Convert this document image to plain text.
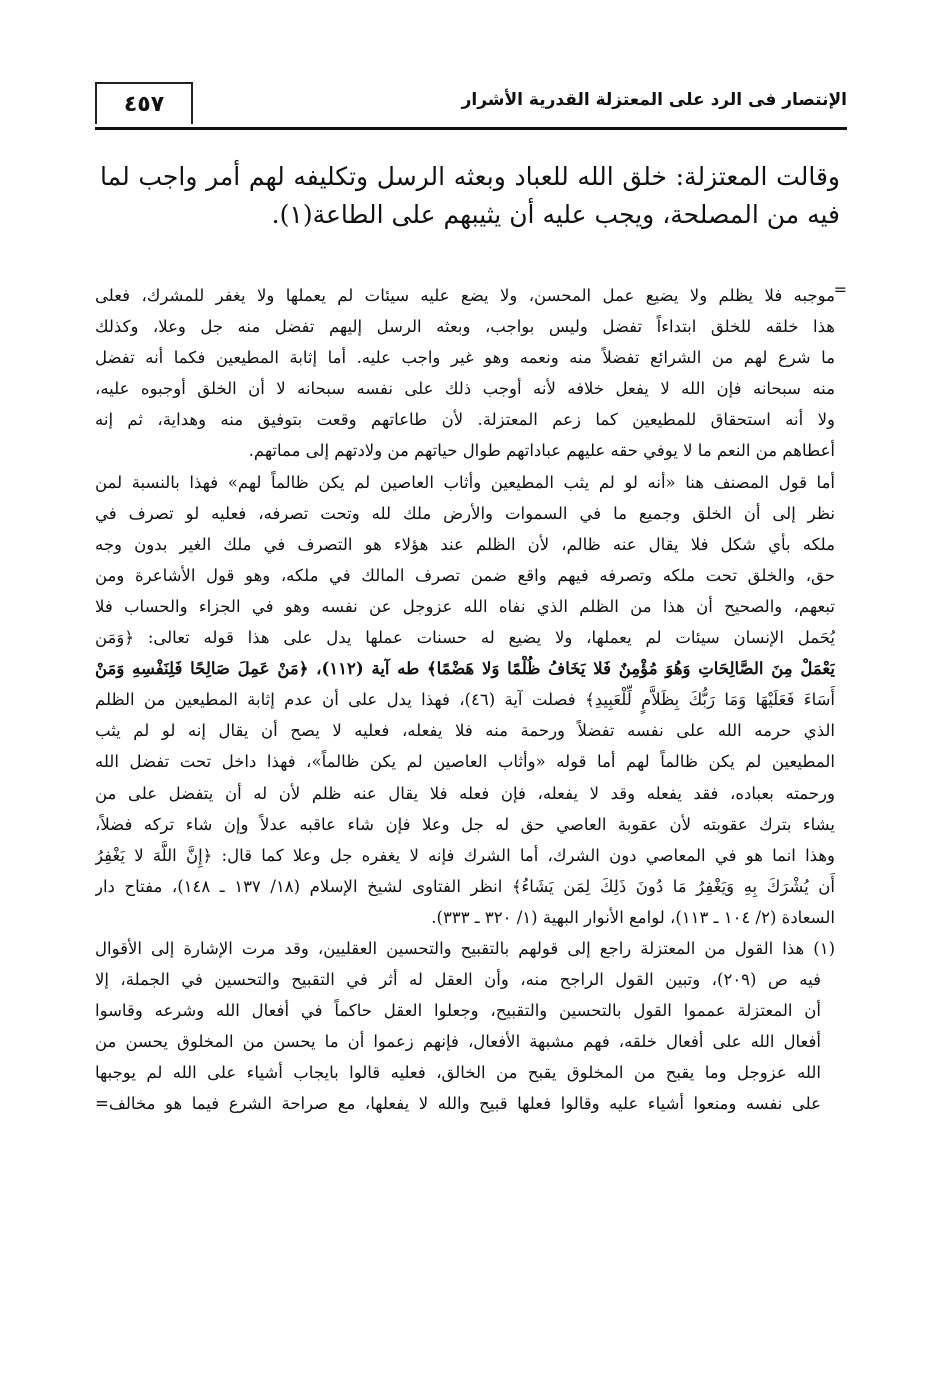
٤٥٧	الإنتصار فى الرد على المعتزلة القدرية الأشرار
وقالت المعتزلة: خلق الله للعباد وبعثه الرسل وتكليفه لهم أمر واجب لما
فيه من المصلحة، ويجب عليه أن يثيبهم على الطاعة(١).
=
موجبه فلا يظلم ولا يضيع عمل المحسن، ولا يضع عليه سيئات لم يعملها ولا يغفر للمشرك، فعلى
هذا خلقه للخلق ابتداءاً تفضل وليس بواجب، وبعثه الرسل إليهم تفضل منه جل وعلا، وكذلك
ما شرع لهم من الشرائع تفضلاً منه ونعمه وهو غير واجب عليه. أما إثابة المطيعين فكما أنه تفضل
منه سبحانه فإن الله لا يفعل خلافه لأنه أوجب ذلك على نفسه سبحانه لا أن الخلق أوجبوه عليه،
ولا أنه استحقاق للمطيعين كما زعم المعتزلة. لأن طاعاتهم وقعت بتوفيق منه وهداية، ثم إنه
أعطاهم من النعم ما لا يوفي حقه عليهم عباداتهم طوال حياتهم من ولادتهم إلى مماتهم.
أما قول المصنف هنا «أنه لو لم يثب المطيعين وأثاب العاصين لم يكن ظالماً لهم» فهذا بالنسبة لمن
نظر إلى أن الخلق وجميع ما في السموات والأرض ملك لله وتحت تصرفه، فعليه لو تصرف في
ملكه بأي شكل فلا يقال عنه ظالم، لأن الظلم عند هؤلاء هو التصرف في ملك الغير بدون وجه
حق، والخلق تحت ملكه وتصرفه فيهم واقع ضمن تصرف المالك في ملكه، وهو قول الأشاعرة ومن
تبعهم، والصحيح أن هذا من الظلم الذي نفاه الله عزوجل عن نفسه وهو في الجزاء والحساب فلا
يُحَمل الإنسان سيئات لم يعملها، ولا يضيع له حسنات عملها يدل على هذا قوله تعالى: ﴿وَمَن
يَعْمَلْ مِنَ الصَّالِحَاتِ وَهُوَ مُؤْمِنٌ فَلا يَخَافُ ظُلْمًا وَلا هَضْمًا﴾ طه آية (١١٢)، ﴿مَنْ عَمِلَ صَالِحًا فَلِنَفْسِهِ وَمَنْ
أَسَاءَ فَعَلَيْهَا وَمَا رَبُّكَ بِظَلاَّمٍ لِّلْعَبِيدِ﴾ فصلت آية (٤٦)، فهذا يدل على أن عدم إثابة المطيعين من الظلم
الذي حرمه الله على نفسه تفضلاً ورحمة منه فلا يفعله، فعليه لا يصح أن يقال إنه لو لم يثب
المطيعين لم يكن ظالماً لهم أما قوله «وأثاب العاصين لم يكن ظالماً»، فهذا داخل تحت تفضل الله
ورحمته بعباده، فقد يفعله وقد لا يفعله، فإن فعله فلا يقال عنه ظلم لأن له أن يتفضل على من
يشاء بترك عقوبته لأن عقوبة العاصي حق له جل وعلا فإن شاء عاقبه عدلاً وإن شاء تركه فضلاً،
وهذا انما هو في المعاصي دون الشرك، أما الشرك فإنه لا يغفره جل وعلا كما قال: ﴿إِنَّ اللَّهَ لا يَغْفِرُ
أَن يُشْرَكَ بِهِ وَيَغْفِرُ مَا دُونَ ذَلِكَ لِمَن يَشَاءُ﴾ انظر الفتاوى لشيخ الإسلام (١٨/ ١٣٧ ـ ١٤٨)، مفتاح دار
السعادة (٢/ ١٠٤ ـ ١١٣)، لوامع الأنوار البهية (١/ ٣٢٠ ـ ٣٣٣).
(١) هذا القول من المعتزلة راجع إلى قولهم بالتقبيح والتحسين العقليين، وقد مرت الإشارة إلى الأقوال
فيه ص (٢٠٩)، وتبين القول الراجح منه، وأن العقل له أثر في التقبيح والتحسين في الجملة، إلا
أن المعتزلة عمموا القول بالتحسين والتقبيح، وجعلوا العقل حاكماً في أفعال الله وشرعه وقاسوا
أفعال الله على أفعال خلقه، فهم مشبهة الأفعال، فإنهم زعموا أن ما يحسن من المخلوق يحسن من
الله عزوجل وما يقبح من المخلوق يقبح من الخالق، فعليه قالوا بايجاب أشياء على الله لم يوجبها
على نفسه ومنعوا أشياء عليه وقالوا فعلها قبيح والله لا يفعلها، مع صراحة الشرع فيما هو مخالف=
